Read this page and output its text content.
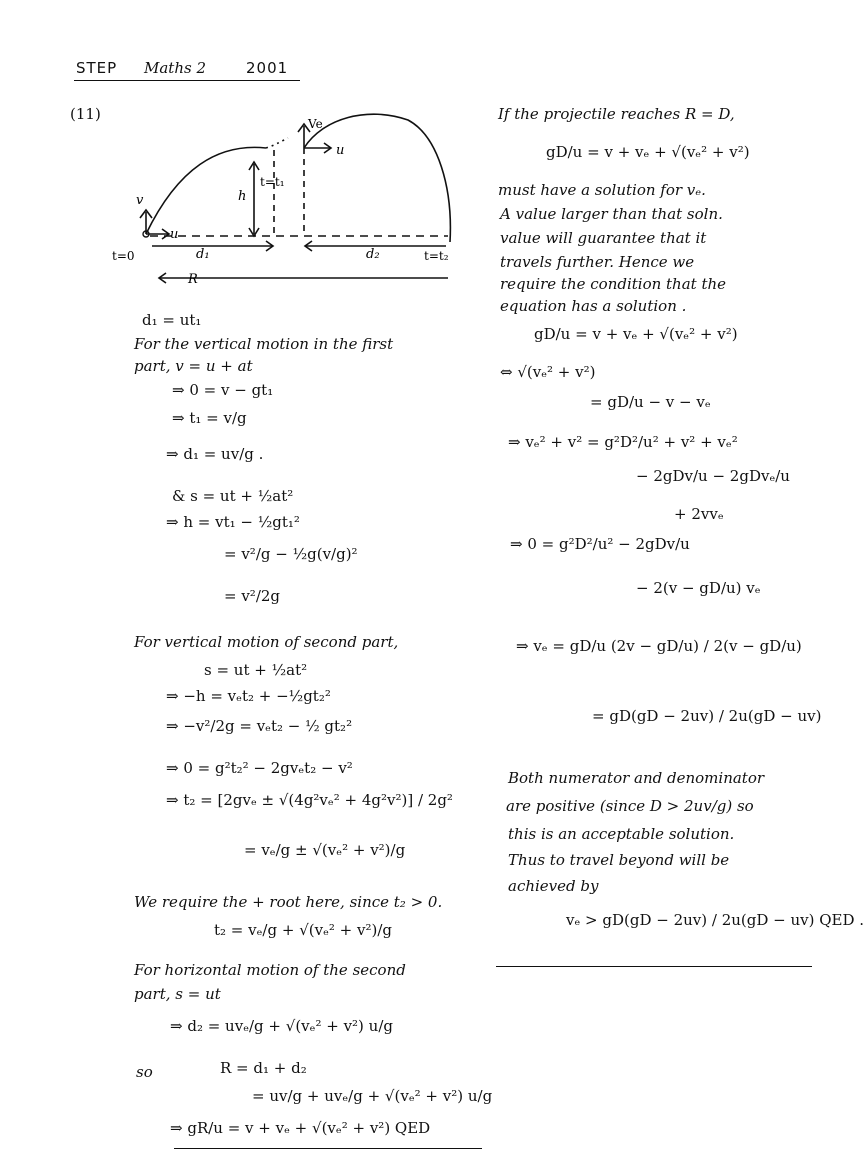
STEP Maths 2	2001
(11)
Ve
u
v
u
t=0
t=t₁
h
d₁	d₂	t=t₂
R
d₁ = ut₁
For the vertical motion in the first
part, v = u + at
⇒ 0 = v − gt₁
⇒ t₁ = v/g
⇒ d₁ = uv/g .
& s = ut + ½at²
⇒ h = vt₁ − ½gt₁²
= v²/g − ½g(v/g)²
= v²/2g
For vertical motion of second part,
s = ut + ½at²
⇒ −h = vₑt₂ + −½gt₂²
⇒ −v²/2g = vₑt₂ − ½ gt₂²
⇒ 0 = g²t₂² − 2gvₑt₂ − v²
⇒ t₂ = [2gvₑ ± √(4g²vₑ² + 4g²v²)] / 2g²
= vₑ/g ± √(vₑ² + v²)/g
We require the + root here, since t₂ > 0.
t₂ = vₑ/g + √(vₑ² + v²)/g
For horizontal motion of the second
part, s = ut
⇒ d₂ = uvₑ/g + √(vₑ² + v²) u/g
so	R = d₁ + d₂
= uv/g + uvₑ/g + √(vₑ² + v²) u/g
⇒ gR/u = v + vₑ + √(vₑ² + v²) QED
If the projectile reaches R = D,
gD/u = v + vₑ + √(vₑ² + v²)
must have a solution for vₑ.
A value larger than that soln.
value will guarantee that it
travels further. Hence we
require the condition that the
equation has a solution .
gD/u = v + vₑ + √(vₑ² + v²)
⇔ √(vₑ² + v²)
= gD/u − v − vₑ
⇒ vₑ² + v² = g²D²/u² + v² + vₑ²
− 2gDv/u − 2gDvₑ/u
+ 2vvₑ
⇒ 0 = g²D²/u² − 2gDv/u
− 2(v − gD/u) vₑ
⇒ vₑ = gD/u (2v − gD/u) / 2(v − gD/u)
= gD(gD − 2uv) / 2u(gD − uv)
Both numerator and denominator
are positive (since D > 2uv/g) so
this is an acceptable solution.
Thus to travel beyond will be
achieved by
vₑ > gD(gD − 2uv) / 2u(gD − uv) QED .
